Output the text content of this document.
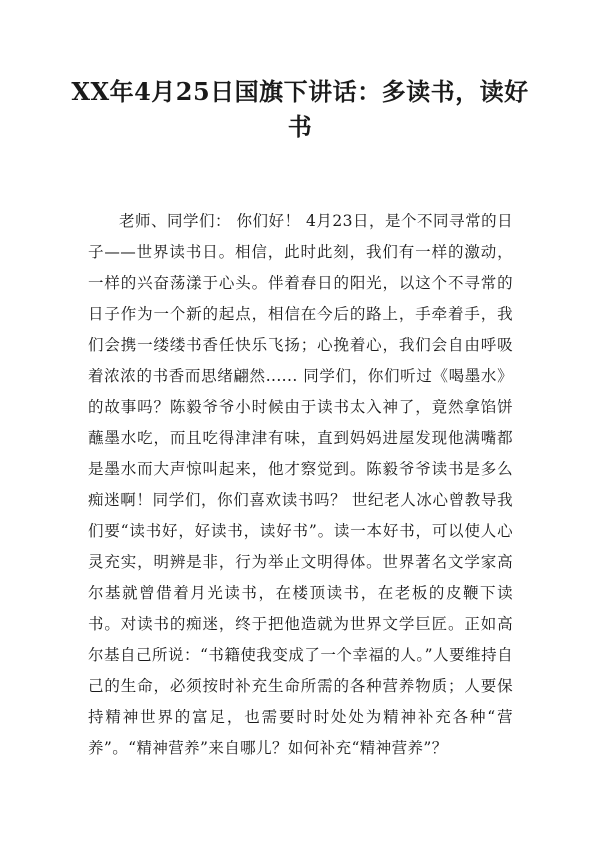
XX年4月25日国旗下讲话：多读书，读好书

老师、同学们： 你们好！ 4月23日，是个不同寻常的日子——世界读书日。相信，此时此刻，我们有一样的激动，一样的兴奋荡漾于心头。伴着春日的阳光，以这个不寻常的日子作为一个新的起点，相信在今后的路上，手牵着手，我们会携一缕缕书香任快乐飞扬；心挽着心，我们会自由呼吸着浓浓的书香而思绪翩然...... 同学们，你们听过《喝墨水》的故事吗？陈毅爷爷小时候由于读书太入神了，竟然拿馅饼蘸墨水吃，而且吃得津津有味，直到妈妈进屋发现他满嘴都是墨水而大声惊叫起来，他才察觉到。陈毅爷爷读书是多么痴迷啊！同学们，你们喜欢读书吗？ 世纪老人冰心曾教导我们要“读书好，好读书，读好书”。读一本好书，可以使人心灵充实，明辨是非，行为举止文明得体。世界著名文学家高尔基就曾借着月光读书，在楼顶读书，在老板的皮鞭下读书。对读书的痴迷，终于把他造就为世界文学巨匠。正如高尔基自己所说：“书籍使我变成了一个幸福的人。”人要维持自己的生命，必须按时补充生命所需的各种营养物质；人要保持精神世界的富足，也需要时时处处为精神补充各种“营养”。“精神营养”来自哪儿？如何补充“精神营养”？
